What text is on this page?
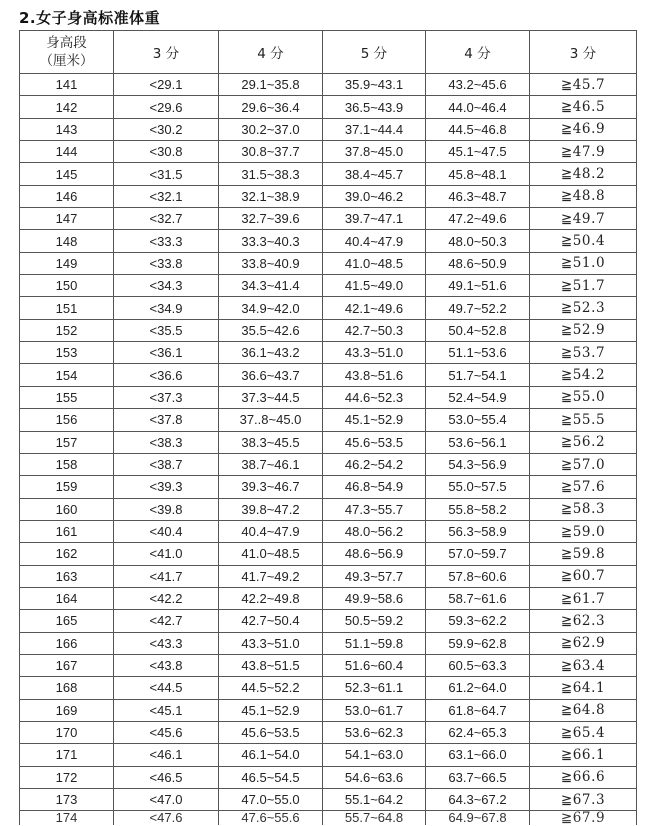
2.女子身高标准体重
身高段
（厘米）	3 分	4 分	5 分	4 分	3 分
141	<29.1	29.1~35.8	35.9~43.1	43.2~45.6	≧45.7
142	<29.6	29.6~36.4	36.5~43.9	44.0~46.4	≧46.5
143	<30.2	30.2~37.0	37.1~44.4	44.5~46.8	≧46.9
144	<30.8	30.8~37.7	37.8~45.0	45.1~47.5	≧47.9
145	<31.5	31.5~38.3	38.4~45.7	45.8~48.1	≧48.2
146	<32.1	32.1~38.9	39.0~46.2	46.3~48.7	≧48.8
147	<32.7	32.7~39.6	39.7~47.1	47.2~49.6	≧49.7
148	<33.3	33.3~40.3	40.4~47.9	48.0~50.3	≧50.4
149	<33.8	33.8~40.9	41.0~48.5	48.6~50.9	≧51.0
150	<34.3	34.3~41.4	41.5~49.0	49.1~51.6	≧51.7
151	<34.9	34.9~42.0	42.1~49.6	49.7~52.2	≧52.3
152	<35.5	35.5~42.6	42.7~50.3	50.4~52.8	≧52.9
153	<36.1	36.1~43.2	43.3~51.0	51.1~53.6	≧53.7
154	<36.6	36.6~43.7	43.8~51.6	51.7~54.1	≧54.2
155	<37.3	37.3~44.5	44.6~52.3	52.4~54.9	≧55.0
156	<37.8	37..8~45.0	45.1~52.9	53.0~55.4	≧55.5
157	<38.3	38.3~45.5	45.6~53.5	53.6~56.1	≧56.2
158	<38.7	38.7~46.1	46.2~54.2	54.3~56.9	≧57.0
159	<39.3	39.3~46.7	46.8~54.9	55.0~57.5	≧57.6
160	<39.8	39.8~47.2	47.3~55.7	55.8~58.2	≧58.3
161	<40.4	40.4~47.9	48.0~56.2	56.3~58.9	≧59.0
162	<41.0	41.0~48.5	48.6~56.9	57.0~59.7	≧59.8
163	<41.7	41.7~49.2	49.3~57.7	57.8~60.6	≧60.7
164	<42.2	42.2~49.8	49.9~58.6	58.7~61.6	≧61.7
165	<42.7	42.7~50.4	50.5~59.2	59.3~62.2	≧62.3
166	<43.3	43.3~51.0	51.1~59.8	59.9~62.8	≧62.9
167	<43.8	43.8~51.5	51.6~60.4	60.5~63.3	≧63.4
168	<44.5	44.5~52.2	52.3~61.1	61.2~64.0	≧64.1
169	<45.1	45.1~52.9	53.0~61.7	61.8~64.7	≧64.8
170	<45.6	45.6~53.5	53.6~62.3	62.4~65.3	≧65.4
171	<46.1	46.1~54.0	54.1~63.0	63.1~66.0	≧66.1
172	<46.5	46.5~54.5	54.6~63.6	63.7~66.5	≧66.6
173	<47.0	47.0~55.0	55.1~64.2	64.3~67.2	≧67.3
174	<47.6	47.6~55.6	55.7~64.8	64.9~67.8	≧67.9
